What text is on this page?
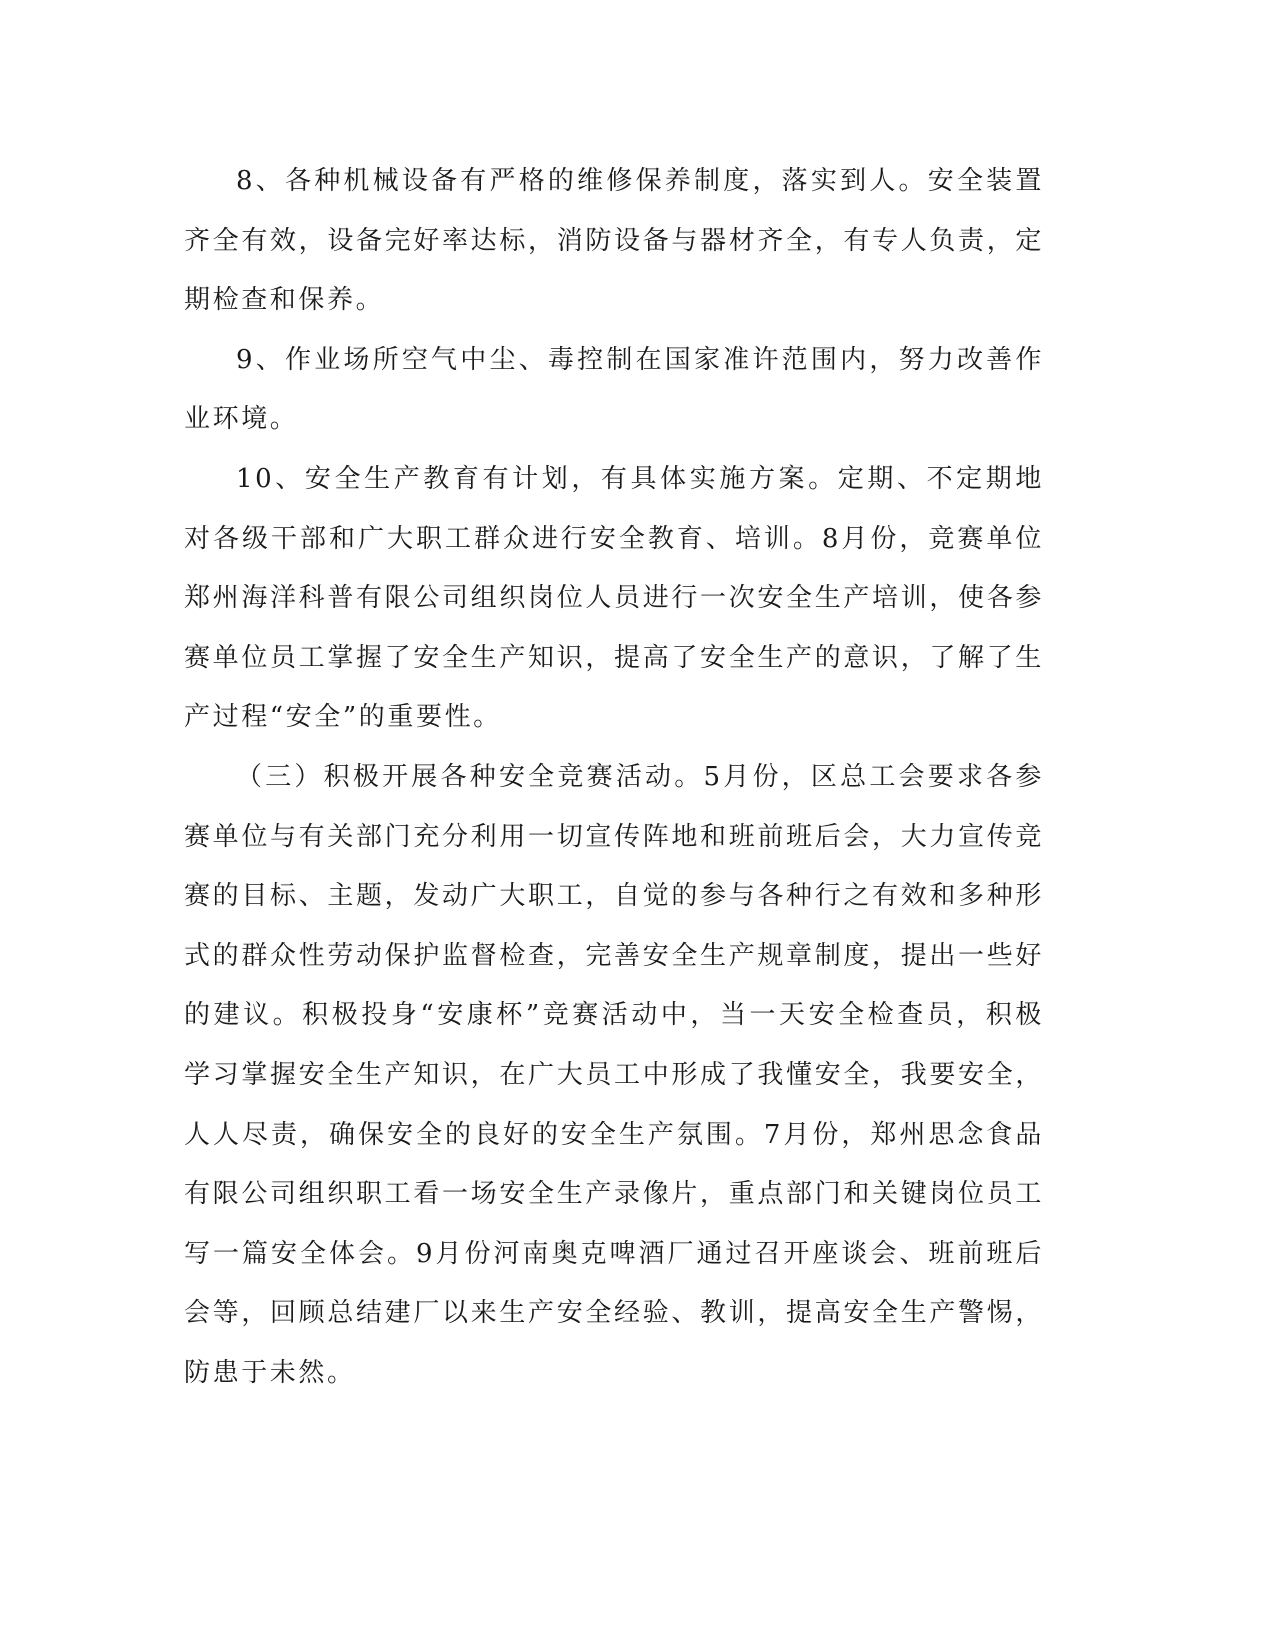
8、各种机械设备有严格的维修保养制度，落实到人。安全装置齐全有效，设备完好率达标，消防设备与器材齐全，有专人负责，定期检查和保养。

9、作业场所空气中尘、毒控制在国家准许范围内，努力改善作业环境。

10、安全生产教育有计划，有具体实施方案。定期、不定期地对各级干部和广大职工群众进行安全教育、培训。8月份，竞赛单位郑州海洋科普有限公司组织岗位人员进行一次安全生产培训，使各参赛单位员工掌握了安全生产知识，提高了安全生产的意识，了解了生产过程“安全”的重要性。

（三）积极开展各种安全竞赛活动。5月份，区总工会要求各参赛单位与有关部门充分利用一切宣传阵地和班前班后会，大力宣传竞赛的目标、主题，发动广大职工，自觉的参与各种行之有效和多种形式的群众性劳动保护监督检查，完善安全生产规章制度，提出一些好的建议。积极投身“安康杯”竞赛活动中，当一天安全检查员，积极学习掌握安全生产知识，在广大员工中形成了我懂安全，我要安全，人人尽责，确保安全的良好的安全生产氛围。7月份，郑州思念食品有限公司组织职工看一场安全生产录像片，重点部门和关键岗位员工写一篇安全体会。9月份河南奥克啤酒厂通过召开座谈会、班前班后会等，回顾总结建厂以来生产安全经验、教训，提高安全生产警惕，防患于未然。
